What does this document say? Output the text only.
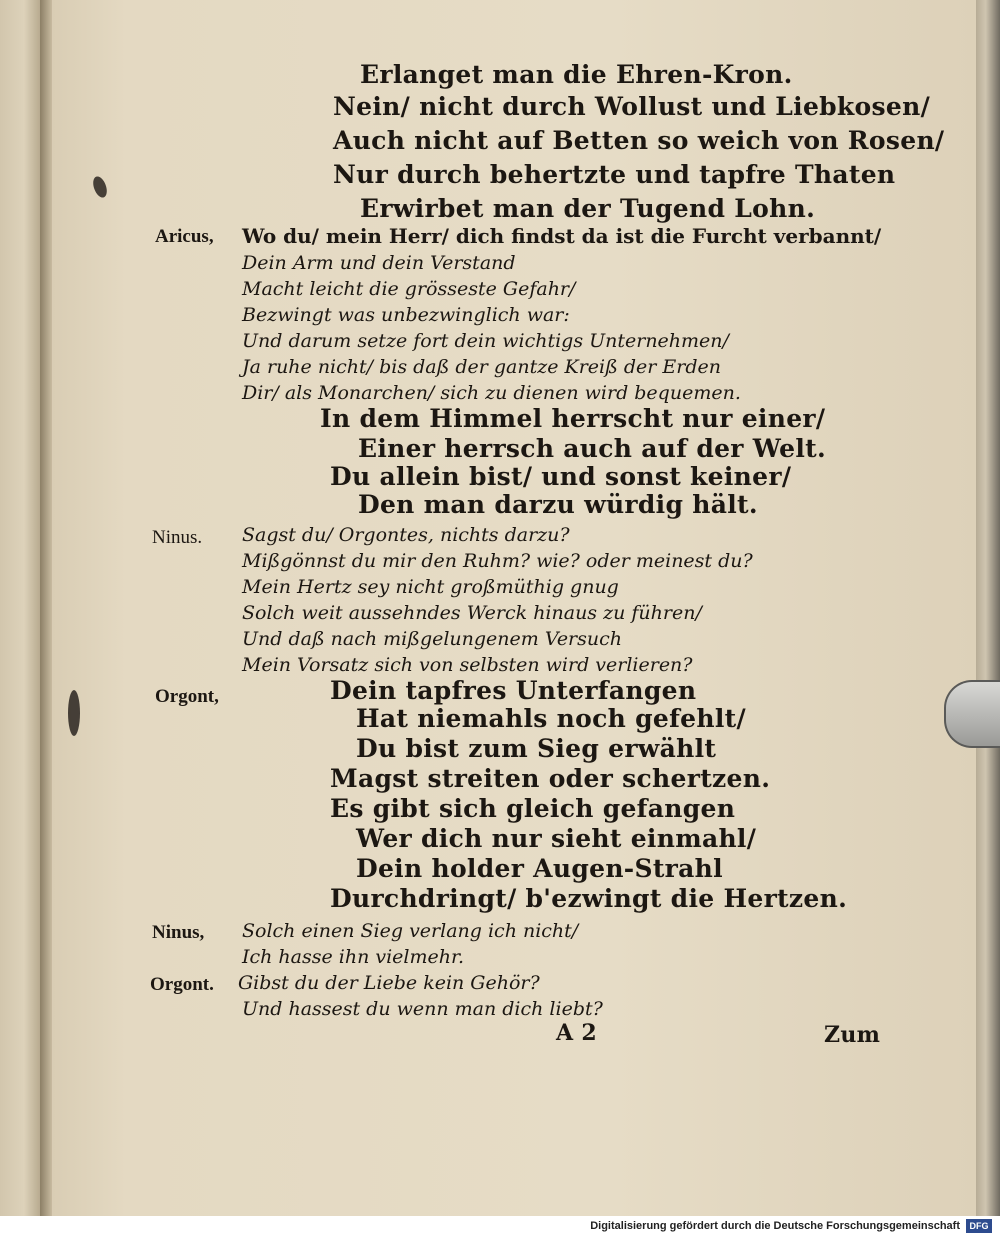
Erlanget man die Ehren-Kron.
Nein/ nicht durch Wollust und Liebkosen/
Auch nicht auf Betten so weich von Rosen/
Nur durch behertzte und tapfre Thaten
Erwirbet man der Tugend Lohn.
Aricus, Wo du/ mein Herr/ dich findst da ist die Furcht verbannt/
Dein Arm und dein Verstand
Macht leicht die grösseste Gefahr/
Bezwingt was unbezwinglich war:
Und darum setze fort dein wichtigs Unternehmen/
Ja ruhe nicht/ bis daß der gantze Kreiß der Erden
Dir/ als Monarchen/ sich zu dienen wird bequemen.
In dem Himmel herrscht nur einer/
Einer herrsch auch auf der Welt.
Du allein bist/ und sonst keiner/
Den man darzu würdig hält.
Ninus. Sagst du/ Orgontes, nichts darzu?
Mißgönnst du mir den Ruhm? wie? oder meinest du?
Mein Hertz sey nicht großmüthig gnug
Solch weit aussehndes Werck hinaus zu führen/
Und daß nach mißgelungenem Versuch
Mein Vorsatz sich von selbsten wird verlieren?
Orgont,	Dein tapfres Unterfangen
Hat niemahls noch gefehlt/
Du bist zum Sieg erwählt
Magst streiten oder schertzen.
Es gibt sich gleich gefangen
Wer dich nur sieht einmahl/
Dein holder Augen-Strahl
Durchdringt/ b'ezwingt die Hertzen.
Ninus, Solch einen Sieg verlang ich nicht/
Ich hasse ihn vielmehr.
Orgont. Gibst du der Liebe kein Gehör?
Und hassest du wenn man dich liebt?
A 2	Zum
Digitalisierung gefördert durch die Deutsche Forschungsgemeinschaft	DFG
